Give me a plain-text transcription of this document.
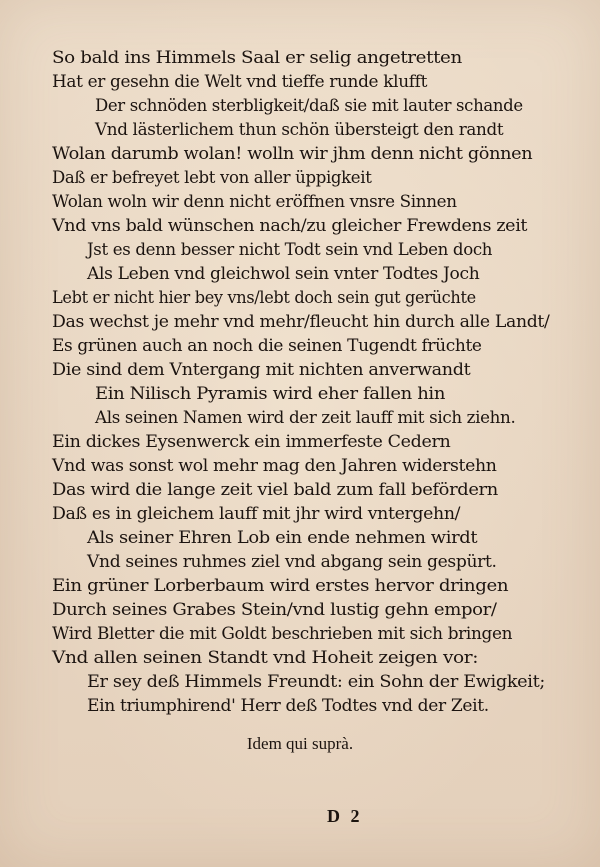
So bald ins Himmels Saal er selig angetretten
Hat er gesehn die Welt vnd tieffe runde klufft
Der schnöden sterbligkeit/daß sie mit lauter schande
Vnd lästerlichem thun schön übersteigt den randt
Wolan darumb wolan! wolln wir jhm denn nicht gönnen
Daß er befreyet lebt von aller üppigkeit
Wolan woln wir denn nicht eröffnen vnsre Sinnen
Vnd vns bald wünschen nach/zu gleicher Frewdens zeit
Jst es denn besser nicht Todt sein vnd Leben doch
Als Leben vnd gleichwol sein vnter Todtes Joch
Lebt er nicht hier bey vns/lebt doch sein gut gerüchte
Das wechst je mehr vnd mehr/fleucht hin durch alle Landt/
Es grünen auch an noch die seinen Tugendt früchte
Die sind dem Vntergang mit nichten anverwandt
Ein Nilisch Pyramis wird eher fallen hin
Als seinen Namen wird der zeit lauff mit sich ziehn.
Ein dickes Eysenwerck ein immerfeste Cedern
Vnd was sonst wol mehr mag den Jahren widerstehn
Das wird die lange zeit viel bald zum fall befördern
Daß es in gleichem lauff mit jhr wird vntergehn/
Als seiner Ehren Lob ein ende nehmen wirdt
Vnd seines ruhmes ziel vnd abgang sein gespürt.
Ein grüner Lorberbaum wird erstes hervor dringen
Durch seines Grabes Stein/vnd lustig gehn empor/
Wird Bletter die mit Goldt beschrieben mit sich bringen
Vnd allen seinen Standt vnd Hoheit zeigen vor:
Er sey deß Himmels Freundt: ein Sohn der Ewigkeit;
Ein triumphirend' Herr deß Todtes vnd der Zeit.
Idem qui suprà.
D 2
